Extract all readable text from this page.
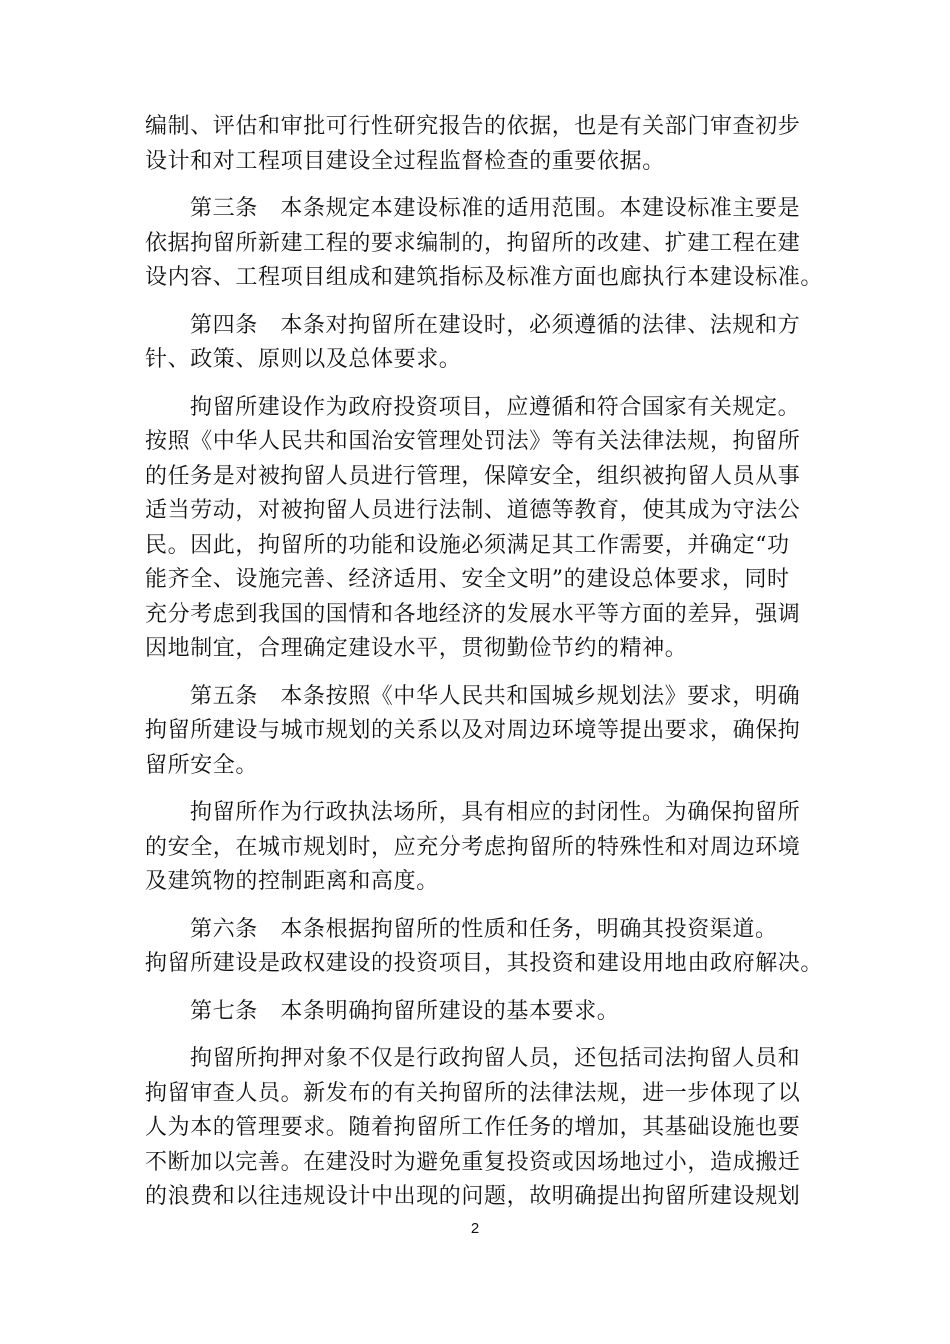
编制、评估和审批可行性研究报告的依据，也是有关部门审查初步
设计和对工程项目建设全过程监督检查的重要依据。
第三条　本条规定本建设标准的适用范围。本建设标准主要是
依据拘留所新建工程的要求编制的，拘留所的改建、扩建工程在建
设内容、工程项目组成和建筑指标及标准方面也廊执行本建设标准。
第四条　本条对拘留所在建设时，必须遵循的法律、法规和方
针、政策、原则以及总体要求。
拘留所建设作为政府投资项目，应遵循和符合国家有关规定。
按照《中华人民共和国治安管理处罚法》等有关法律法规，拘留所
的任务是对被拘留人员进行管理，保障安全，组织被拘留人员从事
适当劳动，对被拘留人员进行法制、道德等教育，使其成为守法公
民。因此，拘留所的功能和设施必须满足其工作需要，并确定“功
能齐全、设施完善、经济适用、安全文明”的建设总体要求，同时
充分考虑到我国的国情和各地经济的发展水平等方面的差异，强调
因地制宜，合理确定建设水平，贯彻勤俭节约的精神。
第五条　本条按照《中华人民共和国城乡规划法》要求，明确
拘留所建设与城市规划的关系以及对周边环境等提出要求，确保拘
留所安全。
拘留所作为行政执法场所，具有相应的封闭性。为确保拘留所
的安全，在城市规划时，应充分考虑拘留所的特殊性和对周边环境
及建筑物的控制距离和高度。
第六条　本条根据拘留所的性质和任务，明确其投资渠道。
拘留所建设是政权建设的投资项目，其投资和建设用地由政府解决。
第七条　本条明确拘留所建设的基本要求。
拘留所拘押对象不仅是行政拘留人员，还包括司法拘留人员和
拘留审查人员。新发布的有关拘留所的法律法规，进一步体现了以
人为本的管理要求。随着拘留所工作任务的增加，其基础设施也要
不断加以完善。在建没时为避免重复投资或因场地过小，造成搬迁
的浪费和以往违规设计中出现的问题，故明确提出拘留所建设规划
2
